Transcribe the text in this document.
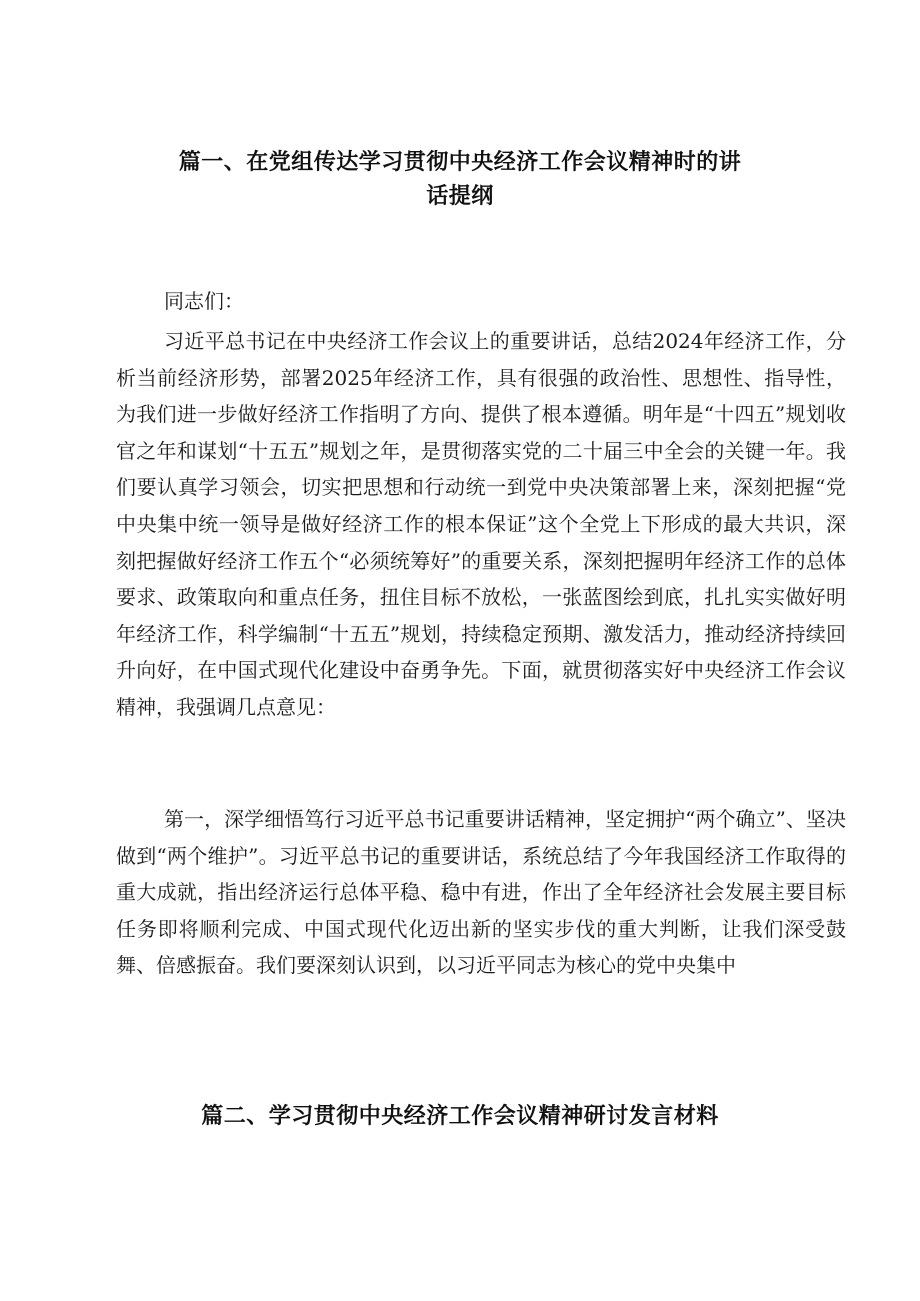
篇一、在党组传达学习贯彻中央经济工作会议精神时的讲
话提纲
同志们：

习近平总书记在中央经济工作会议上的重要讲话，总结2024年经济工作，分析当前经济形势，部署2025年经济工作，具有很强的政治性、思想性、指导性，为我们进一步做好经济工作指明了方向、提供了根本遵循。明年是“十四五”规划收官之年和谋划“十五五”规划之年，是贯彻落实党的二十届三中全会的关键一年。我们要认真学习领会，切实把思想和行动统一到党中央决策部署上来，深刻把握“党中央集中统一领导是做好经济工作的根本保证”这个全党上下形成的最大共识，深刻把握做好经济工作五个“必须统筹好”的重要关系，深刻把握明年经济工作的总体要求、政策取向和重点任务，扭住目标不放松，一张蓝图绘到底，扎扎实实做好明年经济工作，科学编制“十五五”规划，持续稳定预期、激发活力，推动经济持续回升向好，在中国式现代化建设中奋勇争先。下面，就贯彻落实好中央经济工作会议精神，我强调几点意见：

第一，深学细悟笃行习近平总书记重要讲话精神，坚定拥护“两个确立”、坚决做到“两个维护”。习近平总书记的重要讲话，系统总结了今年我国经济工作取得的重大成就，指出经济运行总体平稳、稳中有进，作出了全年经济社会发展主要目标任务即将顺利完成、中国式现代化迈出新的坚实步伐的重大判断，让我们深受鼓舞、倍感振奋。我们要深刻认识到，以习近平同志为核心的党中央集中

篇二、学习贯彻中央经济工作会议精神研讨发言材料
